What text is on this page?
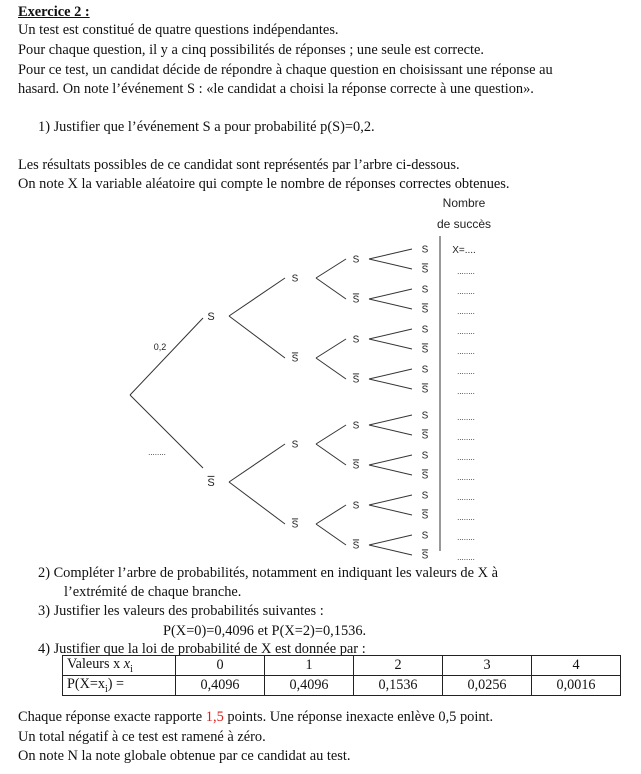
Exercice 2 :
Un test est constitué de quatre questions indépendantes.
Pour chaque question, il y a cinq possibilités de réponses ; une seule est correcte.
Pour ce test, un candidat décide de répondre à chaque question en choisissant une réponse au
hasard. On note l’événement S : «le candidat a choisi la réponse correcte à une question».
1) Justifier que l’événement S a pour probabilité p(S)=0,2.
Les résultats possibles de ce candidat sont représentés par l’arbre ci-dessous.
On note X la variable aléatoire qui compte le nombre de réponses correctes obtenues.
Nombre
de succès
0,2
........
S
S
S
S X=....
S	........
S
S	........
S	........
S
S
S	........
S	........
S
S	........
S	........
S
S
S
S	........
S	........
S
S	........
S	........
S
S
S	........
S	........
S
S	........
S	........
2) Compléter l’arbre de probabilités, notamment en indiquant les valeurs de X à
l’extrémité de chaque branche.
3) Justifier les valeurs des probabilités suivantes :
P(X=0)=0,4096 et P(X=2)=0,1536.
4) Justifier que la loi de probabilité de X est donnée par :
Valeurs x $x_i$	0	1	2	3	4
$P(X=x_i)$ =	0,4096	0,4096	0,1536	0,0256	0,0016
Chaque réponse exacte rapporte 1,5 points. Une réponse inexacte enlève 0,5 point.
Un total négatif à ce test est ramené à zéro.
On note N la note globale obtenue par ce candidat au test.
